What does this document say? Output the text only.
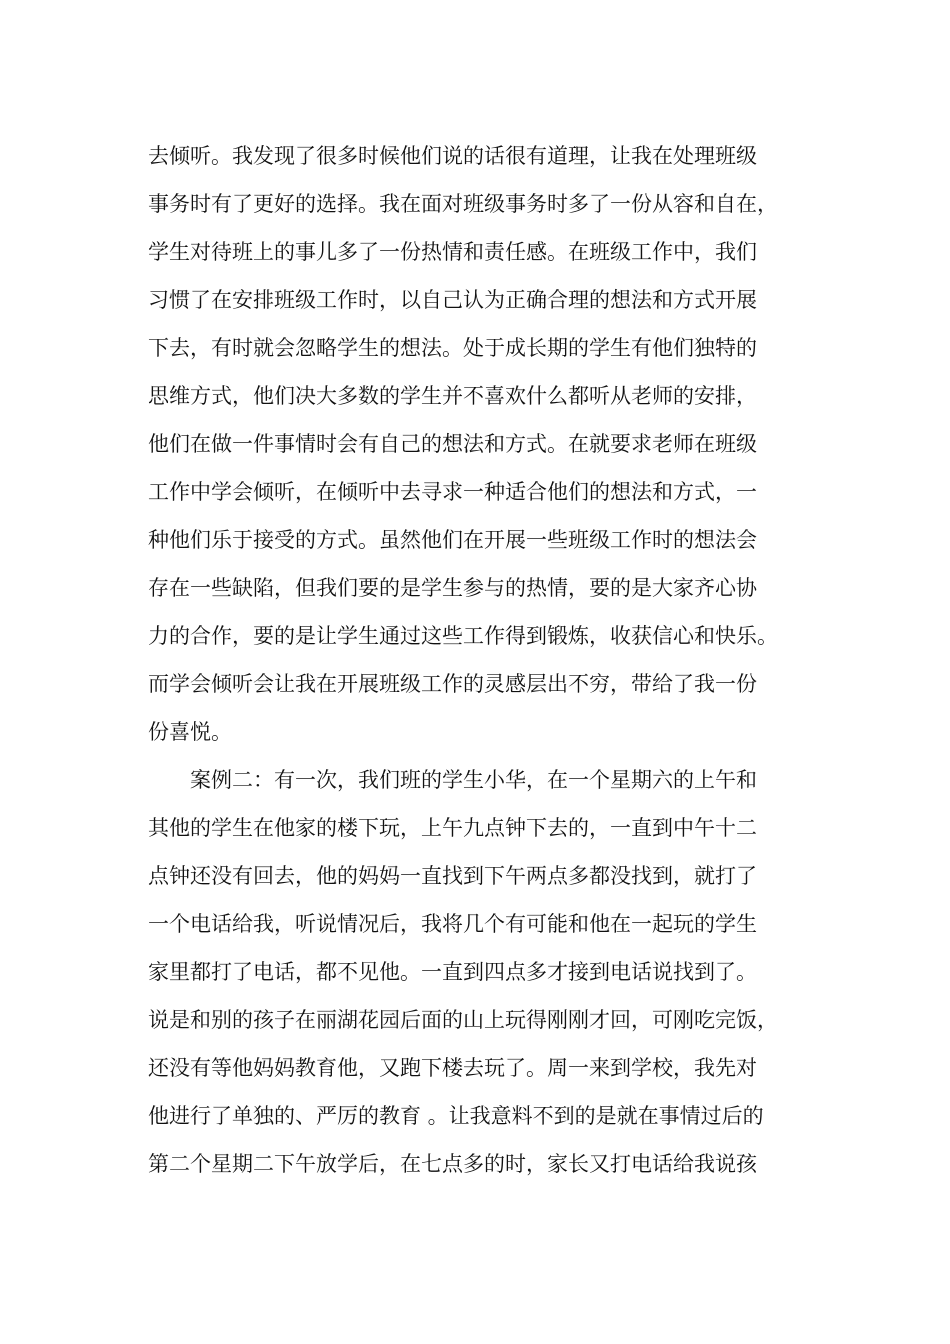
去倾听。我发现了很多时候他们说的话很有道理，让我在处理班级
事务时有了更好的选择。我在面对班级事务时多了一份从容和自在，
学生对待班上的事儿多了一份热情和责任感。在班级工作中，我们
习惯了在安排班级工作时，以自己认为正确合理的想法和方式开展
下去，有时就会忽略学生的想法。处于成长期的学生有他们独特的
思维方式，他们决大多数的学生并不喜欢什么都听从老师的安排，
他们在做一件事情时会有自己的想法和方式。在就要求老师在班级
工作中学会倾听，在倾听中去寻求一种适合他们的想法和方式，一
种他们乐于接受的方式。虽然他们在开展一些班级工作时的想法会
存在一些缺陷，但我们要的是学生参与的热情，要的是大家齐心协
力的合作，要的是让学生通过这些工作得到锻炼，收获信心和快乐。
而学会倾听会让我在开展班级工作的灵感层出不穷，带给了我一份
份喜悦。
案例二：有一次，我们班的学生小华，在一个星期六的上午和
其他的学生在他家的楼下玩，上午九点钟下去的，一直到中午十二
点钟还没有回去，他的妈妈一直找到下午两点多都没找到，就打了
一个电话给我，听说情况后，我将几个有可能和他在一起玩的学生
家里都打了电话，都不见他。一直到四点多才接到电话说找到了。
说是和别的孩子在丽湖花园后面的山上玩得刚刚才回，可刚吃完饭，
还没有等他妈妈教育他，又跑下楼去玩了。周一来到学校，我先对
他进行了单独的、严厉的教育 。让我意料不到的是就在事情过后的
第二个星期二下午放学后，在七点多的时，家长又打电话给我说孩
